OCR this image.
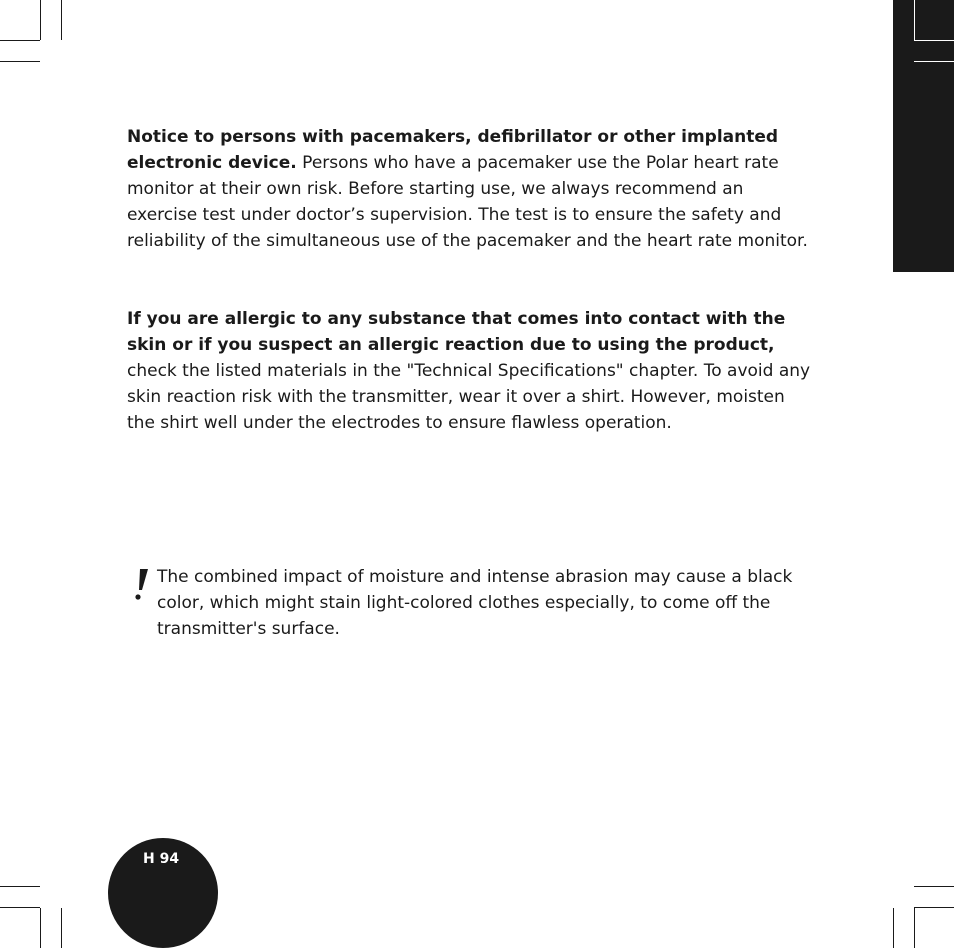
Notice to persons with pacemakers, defibrillator or other implanted electronic device. Persons who have a pacemaker use the Polar heart rate monitor at their own risk. Before starting use, we always recommend an exercise test under doctor’s supervision. The test is to ensure the safety and reliability of the simultaneous use of the pacemaker and the heart rate monitor.

If you are allergic to any substance that comes into contact with the skin or if you suspect an allergic reaction due to using the product, check the listed materials in the "Technical Specifications" chapter. To avoid any skin reaction risk with the transmitter, wear it over a shirt. However, moisten the shirt well under the electrodes to ensure flawless operation.

The combined impact of moisture and intense abrasion may cause a black color, which might stain light-colored clothes especially, to come off the transmitter's surface.

H 94
